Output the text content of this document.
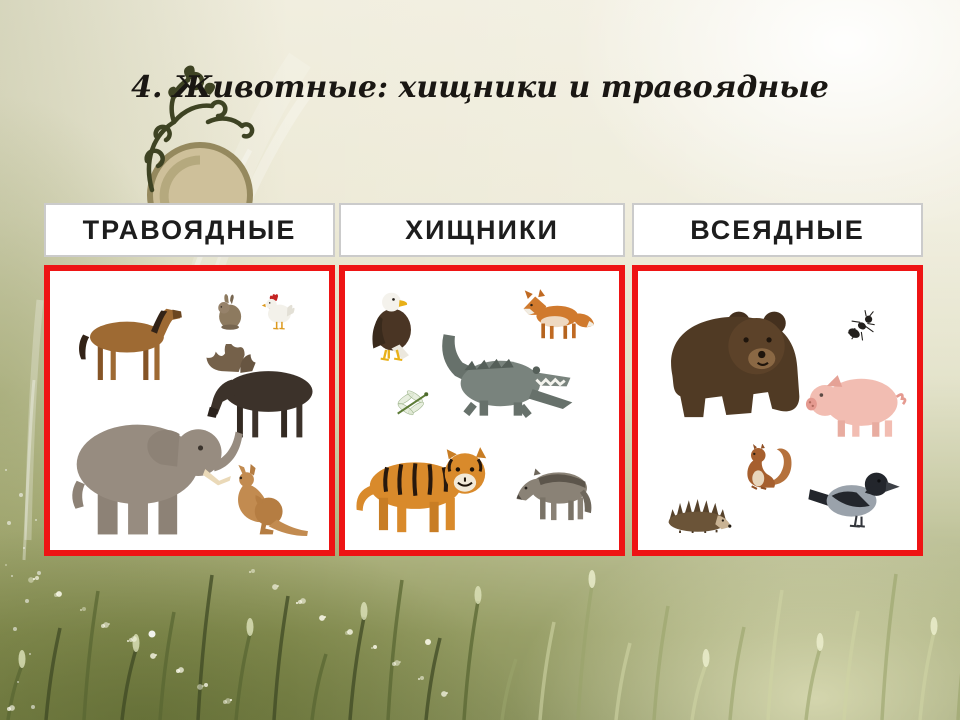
4. Животные: хищники и травоядные
ТРАВОЯДНЫЕ	ХИЩНИКИ	ВСЕЯДНЫЕ
